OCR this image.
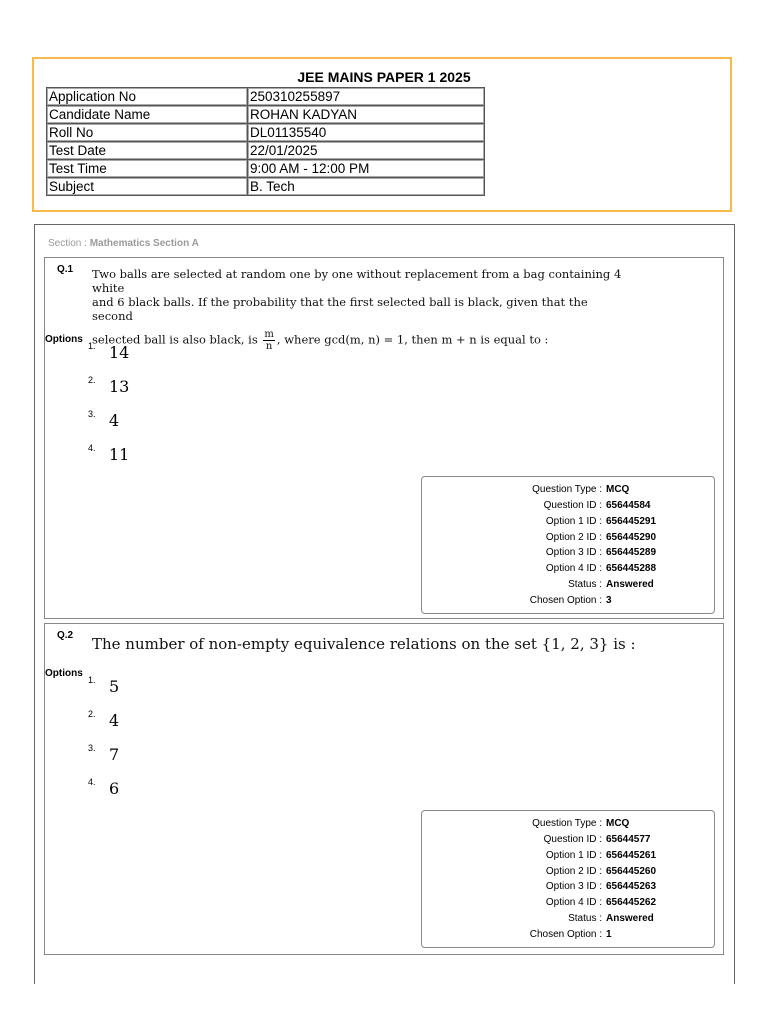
JEE MAINS PAPER 1 2025
Application No	250310255897
Candidate Name	ROHAN KADYAN
Roll No	DL01135540
Test Date	22/01/2025
Test Time	9:00 AM - 12:00 PM
Subject	B. Tech
Section : Mathematics Section A
Q.1 Two balls are selected at random one by one without replacement from a bag containing 4 white
and 6 black balls. If the probability that the first selected ball is black, given that the second
selected ball is also black, is $\frac{m}{n}$ , where gcd(m, n) = 1, then m + n is equal to :
Options
1. 14
2. 13
3. 4
4. 11
Question Type : MCQ
Question ID : 65644584
Option 1 ID : 656445291
Option 2 ID : 656445290
Option 3 ID : 656445289
Option 4 ID : 656445288
Status : Answered
Chosen Option : 3
Q.2 The number of non-empty equivalence relations on the set {1, 2, 3} is :
Options
1. 5
2. 4
3. 7
4. 6
Question Type : MCQ
Question ID : 65644577
Option 1 ID : 656445261
Option 2 ID : 656445260
Option 3 ID : 656445263
Option 4 ID : 656445262
Status : Answered
Chosen Option : 1
